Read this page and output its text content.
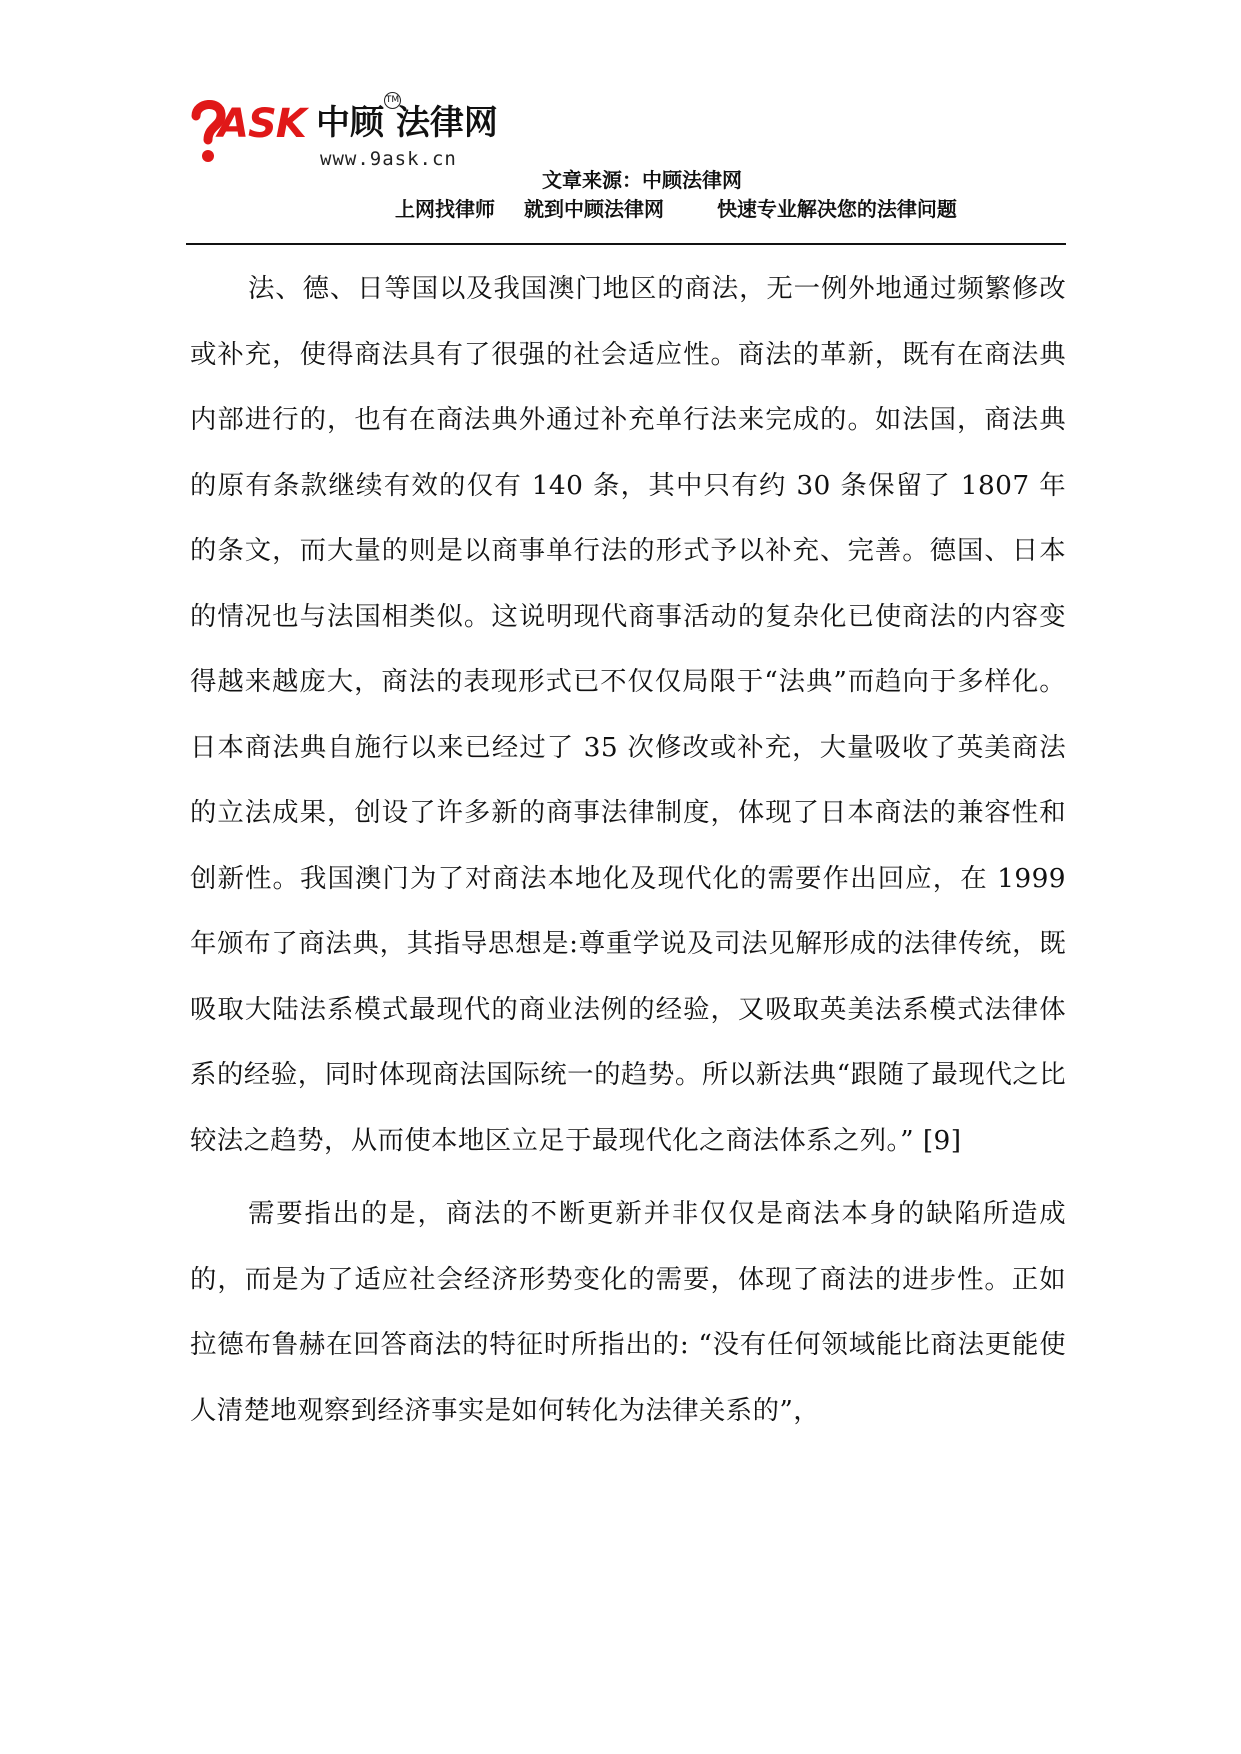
ASK 中顾 法律网
TM
www.9ask.cn
文章来源：中顾法律网
上网找律师 就到中顾法律网	快速专业解决您的法律问题

法、德、日等国以及我国澳门地区的商法，无一例外地通过频繁修改或补充，使得商法具有了很强的社会适应性。商法的革新，既有在商法典内部进行的，也有在商法典外通过补充单行法来完成的。如法国，商法典的原有条款继续有效的仅有 140 条，其中只有约 30 条保留了 1807 年的条文，而大量的则是以商事单行法的形式予以补充、完善。德国、日本的情况也与法国相类似。这说明现代商事活动的复杂化已使商法的内容变得越来越庞大，商法的表现形式已不仅仅局限于“法典”而趋向于多样化。日本商法典自施行以来已经过了 35 次修改或补充，大量吸收了英美商法的立法成果，创设了许多新的商事法律制度，体现了日本商法的兼容性和创新性。我国澳门为了对商法本地化及现代化的需要作出回应，在 1999 年颁布了商法典，其指导思想是:尊重学说及司法见解形成的法律传统，既吸取大陆法系模式最现代的商业法例的经验，又吸取英美法系模式法律体系的经验，同时体现商法国际统一的趋势。所以新法典“跟随了最现代之比较法之趋势，从而使本地区立足于最现代化之商法体系之列。” [9]

需要指出的是，商法的不断更新并非仅仅是商法本身的缺陷所造成的，而是为了适应社会经济形势变化的需要，体现了商法的进步性。正如拉德布鲁赫在回答商法的特征时所指出的: “没有任何领域能比商法更能使人清楚地观察到经济事实是如何转化为法律关系的”，
